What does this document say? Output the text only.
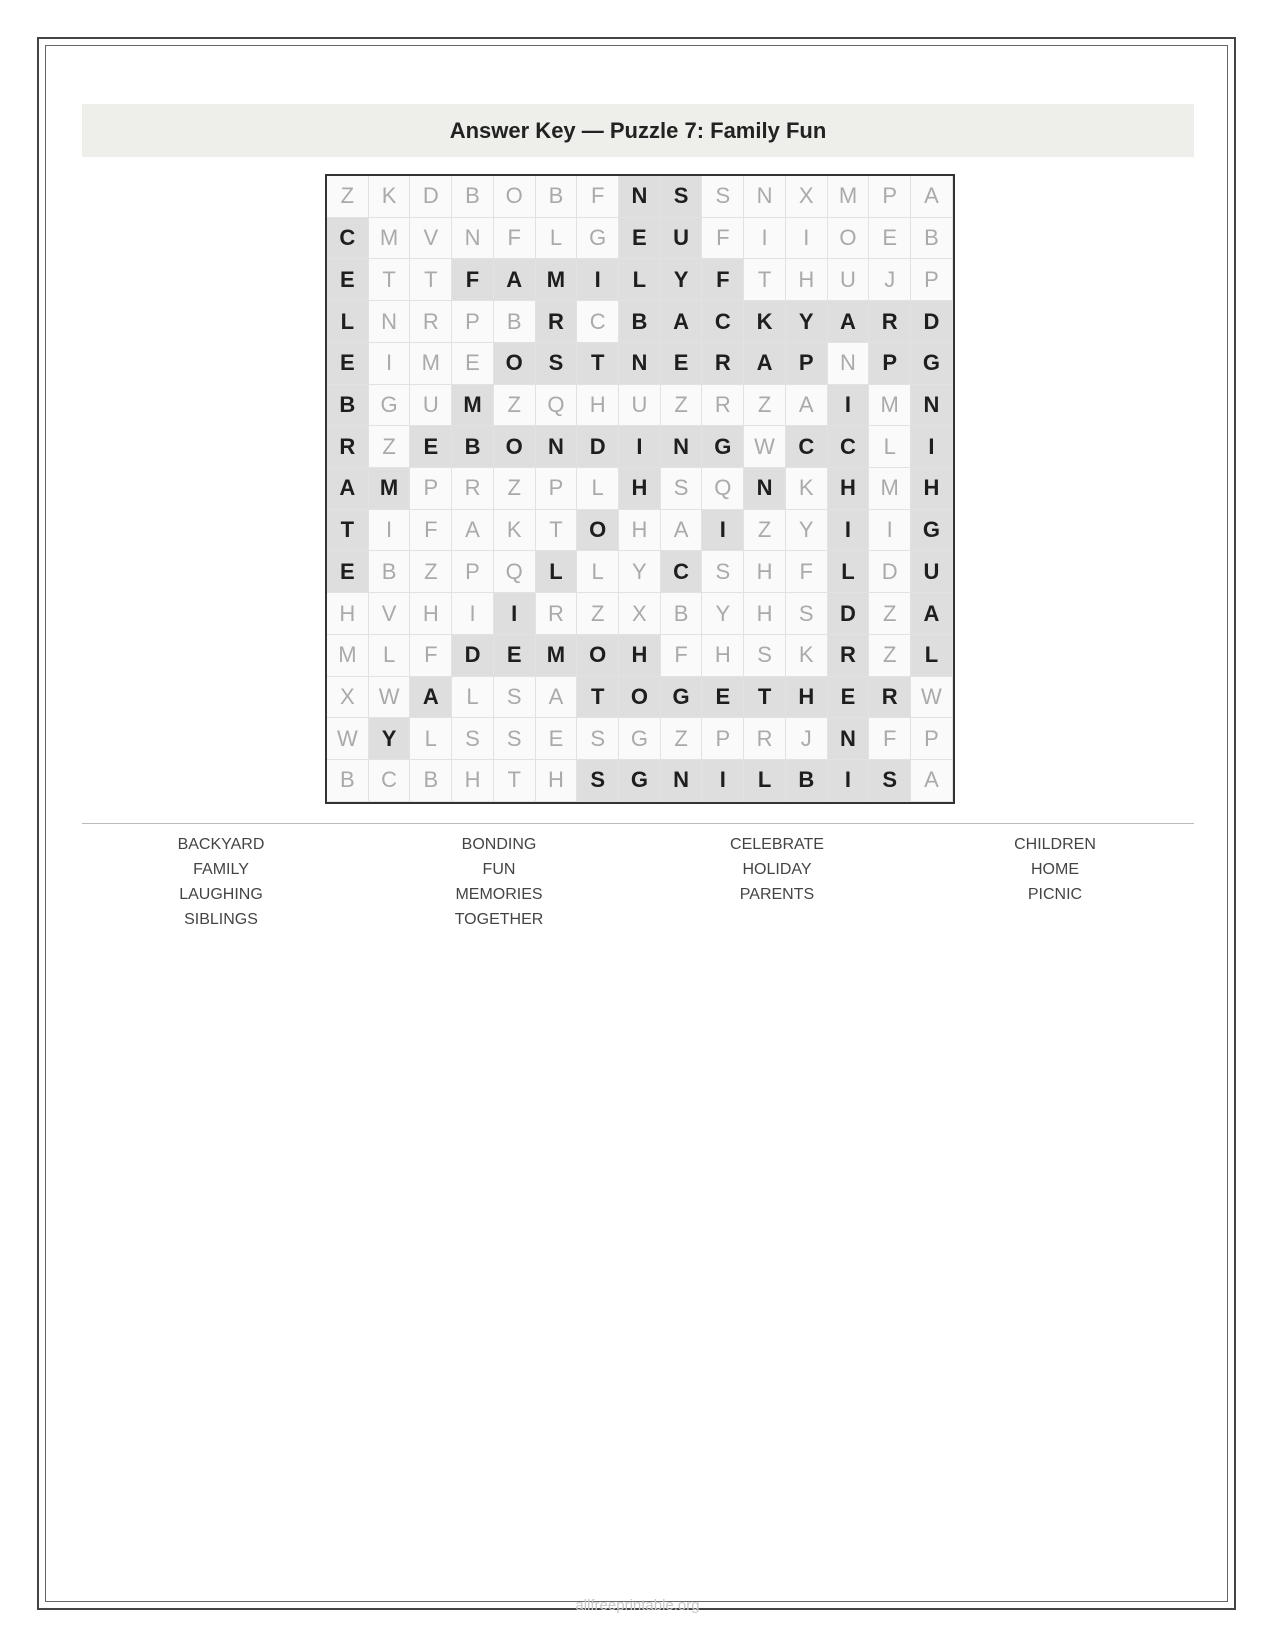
Answer Key — Puzzle 7: Family Fun
Z	K	D	B	O	B	F	N	S	S	N	X	M	P	A
C	M	V	N	F	L	G	E	U	F	I	I	O	E	B
E	T	T	F	A	M	I	L	Y	F	T	H	U	J	P
L	N	R	P	B	R	C	B	A	C	K	Y	A	R	D
E	I	M	E	O	S	T	N	E	R	A	P	N	P	G
B	G	U	M	Z	Q	H	U	Z	R	Z	A	I	M	N
R	Z	E	B	O	N	D	I	N	G	W	C	C	L	I
A	M	P	R	Z	P	L	H	S	Q	N	K	H	M	H
T	I	F	A	K	T	O	H	A	I	Z	Y	I	I	G
E	B	Z	P	Q	L	L	Y	C	S	H	F	L	D	U
H	V	H	I	I	R	Z	X	B	Y	H	S	D	Z	A
M	L	F	D	E	M	O	H	F	H	S	K	R	Z	L
X	W	A	L	S	A	T	O	G	E	T	H	E	R	W
W	Y	L	S	S	E	S	G	Z	P	R	J	N	F	P
B	C	B	H	T	H	S	G	N	I	L	B	I	S	A
BACKYARD	BONDING	CELEBRATE	CHILDREN
FAMILY	FUN	HOLIDAY	HOME
LAUGHING	MEMORIES	PARENTS	PICNIC
SIBLINGS	TOGETHER
allfreeprintable.org
